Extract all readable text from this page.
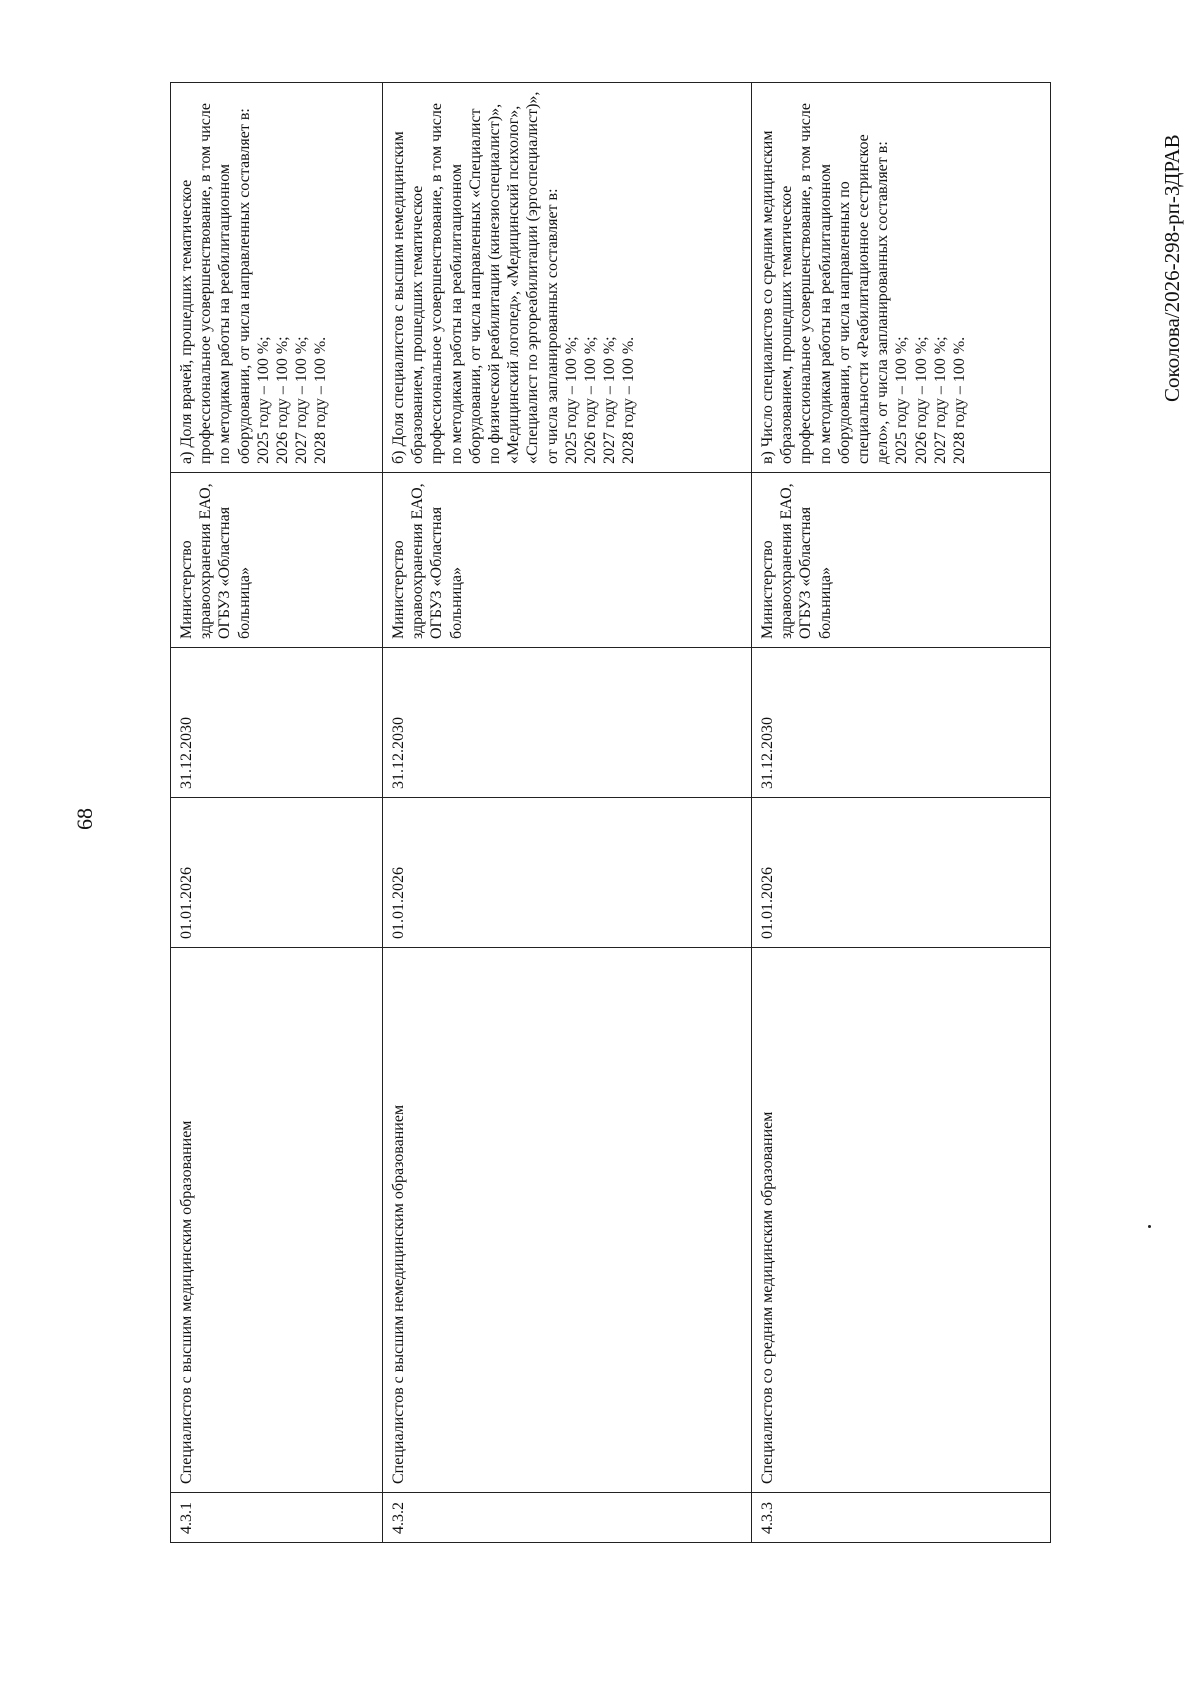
68
4.3.1	Специалистов с высшим медицинским образованием	01.01.2026	31.12.2030	Министерство здравоохранения ЕАО, ОГБУЗ «Областная больница»	а) Доля врачей, прошедших тематическое профессиональное усовершенствование, в том числе по методикам работы на реабилитационном оборудовании, от числа направленных составляет в: 2025 году – 100 %; 2026 году – 100 %; 2027 году – 100 %; 2028 году – 100 %.

4.3.2	Специалистов с высшим немедицинским образованием	01.01.2026	31.12.2030	Министерство здравоохранения ЕАО, ОГБУЗ «Областная больница»	б) Доля специалистов с высшим немедицинским образованием, прошедших тематическое профессиональное усовершенствование, в том числе по методикам работы на реабилитационном оборудовании, от числа направленных «Специалист по физической реабилитации (кинезиоспециалист)», «Медицинский логопед», «Медицинский психолог», «Специалист по эргореабилитации (эргоспециалист)», от числа запланированных составляет в: 2025 году – 100 %; 2026 году – 100 %; 2027 году – 100 %; 2028 году – 100 %.

4.3.3	Специалистов со средним медицинским образованием	01.01.2026	31.12.2030	Министерство здравоохранения ЕАО, ОГБУЗ «Областная больница»	в) Число специалистов со средним медицинским образованием, прошедших тематическое профессиональное усовершенствование, в том числе по методикам работы на реабилитационном оборудовании, от числа направленных по специальности «Реабилитационное сестринское дело», от числа запланированных составляет в: 2025 году – 100 %; 2026 году – 100 %; 2027 году – 100 %; 2028 году – 100 %.	Соколова/2026-298-рп-ЗДРАВ
